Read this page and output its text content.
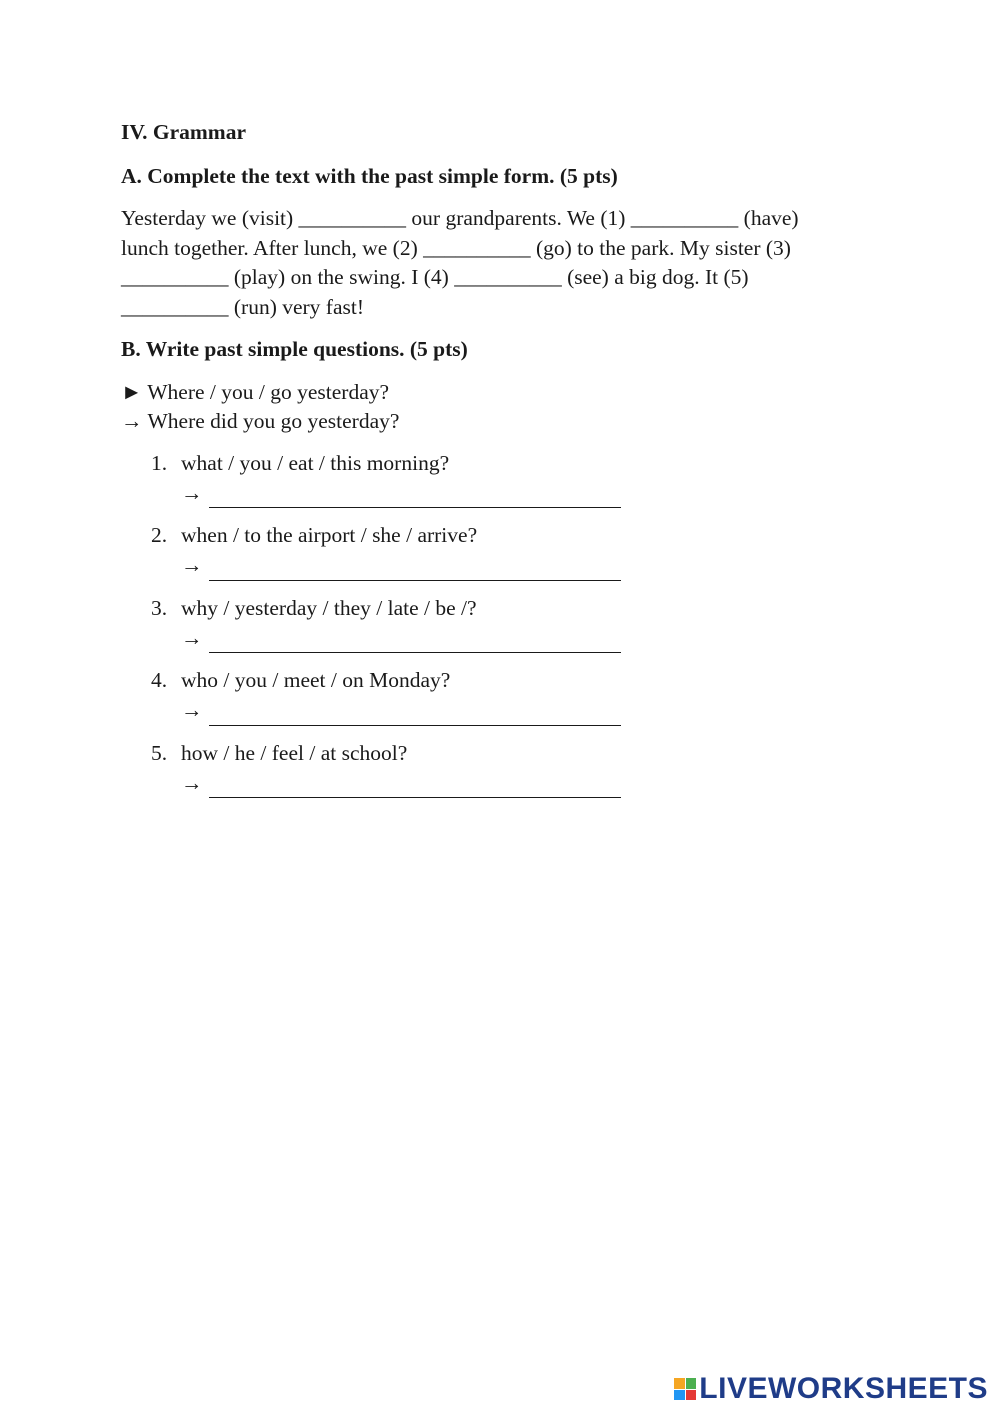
IV. Grammar
A. Complete the text with the past simple form. (5 pts)
Yesterday we (visit) __________ our grandparents. We (1) __________ (have)
lunch together. After lunch, we (2) __________ (go) to the park. My sister (3)
__________ (play) on the swing. I (4) __________ (see) a big dog. It (5)
__________ (run) very fast!
B. Write past simple questions. (5 pts)
► Where / you / go yesterday?
→ Where did you go yesterday?
1. what / you / eat / this morning?
→
2. when / to the airport / she / arrive?
→
3. why / yesterday / they / late / be /?
→
4. who / you / meet / on Monday?
→
5. how / he / feel / at school?
→
LIVEWORKSHEETS
